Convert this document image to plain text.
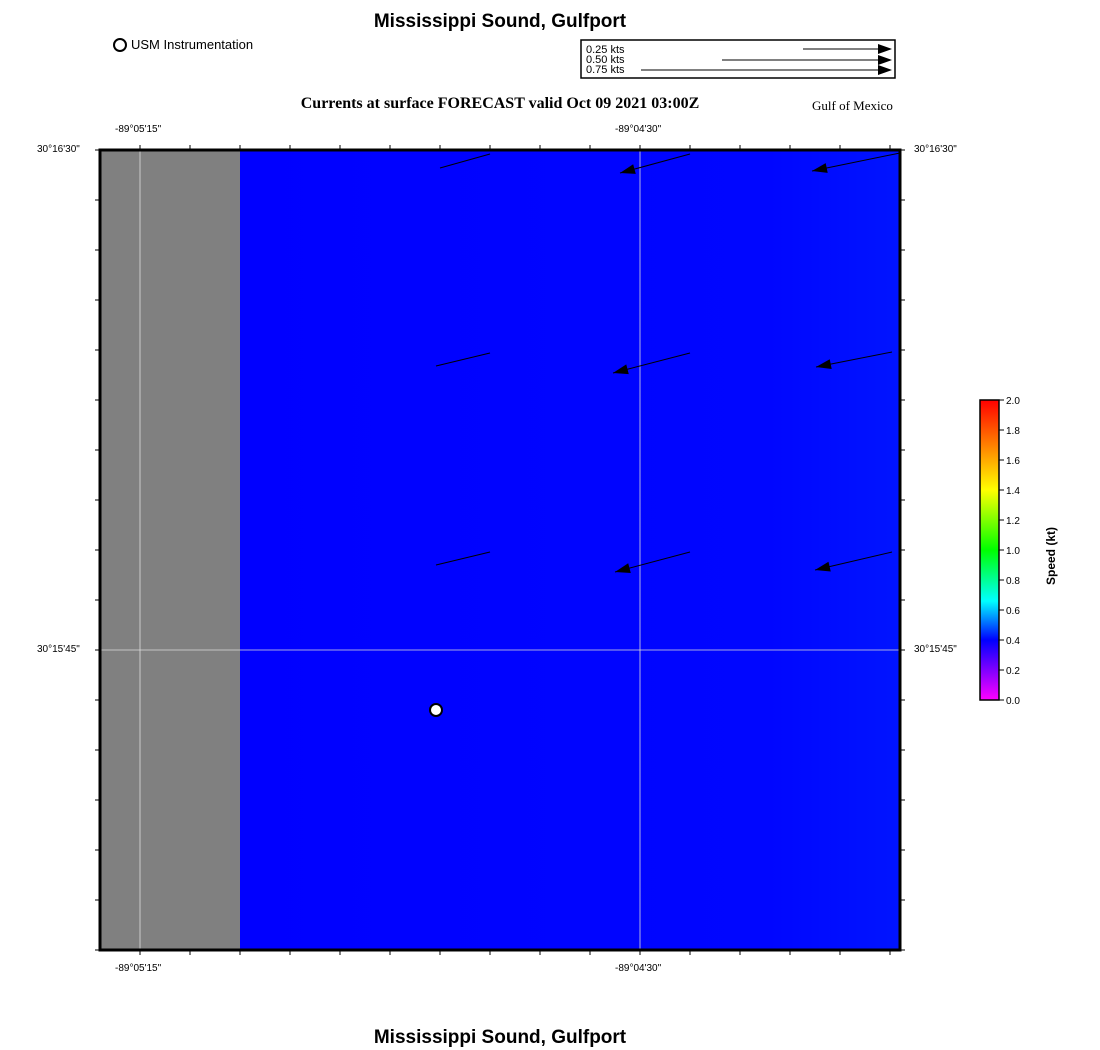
Mississippi Sound, Gulfport
USM Instrumentation	0.25 kts
0.50 kts
0.75 kts
Currents at surface FORECAST valid Oct 09 2021 03:00Z	Gulf of Mexico
-89°05'15"	-89°04'30"
-89°05'15"	-89°04'30"
30°16'30"
30°15'45"
30°16'30"
30°15'45"
0.0
0.2
0.4
0.6
0.8
1.0
1.2
1.4
1.6
1.8
2.0
Speed (kt)
Mississippi Sound, Gulfport
